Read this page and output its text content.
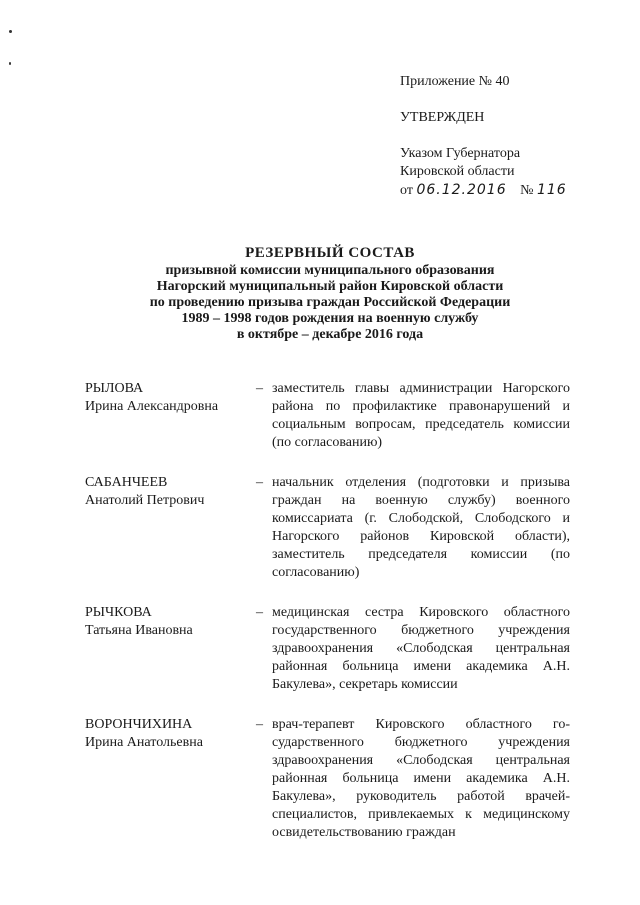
Приложение № 40
УТВЕРЖДЕН
Указом Губернатора
Кировской области
от 06.12.2016 № 116
РЕЗЕРВНЫЙ СОСТАВ
призывной комиссии муниципального образования
Нагорский муниципальный район Кировской области
по проведению призыва граждан Российской Федерации
1989 – 1998 годов рождения на военную службу
в октябре – декабре 2016 года
РЫЛОВА
Ирина Александровна
– заместитель главы администрации Нагорского района по профилактике правонарушений и социальным вопросам, председатель комиссии (по согласованию)
САБАНЧЕЕВ
Анатолий Петрович
– начальник отделения (подготовки и призыва граждан на военную службу) военного комиссариата (г. Слободской, Слободского и Нагорского районов Кировской области), заместитель председателя комиссии (по согласованию)
РЫЧКОВА
Татьяна Ивановна
– медицинская сестра Кировского областного государственного бюджетного учреждения здравоохранения «Слободская центральная районная больница имени академика А.Н. Бакулева», секретарь комиссии
ВОРОНЧИХИНА
Ирина Анатольевна
– врач-терапевт Кировского областного государственного бюджетного учреждения здравоохранения «Слободская центральная районная больница имени академика А.Н. Бакулева», руководитель работой врачей-специалистов, привлекаемых к медицинскому освидетельствованию граждан
